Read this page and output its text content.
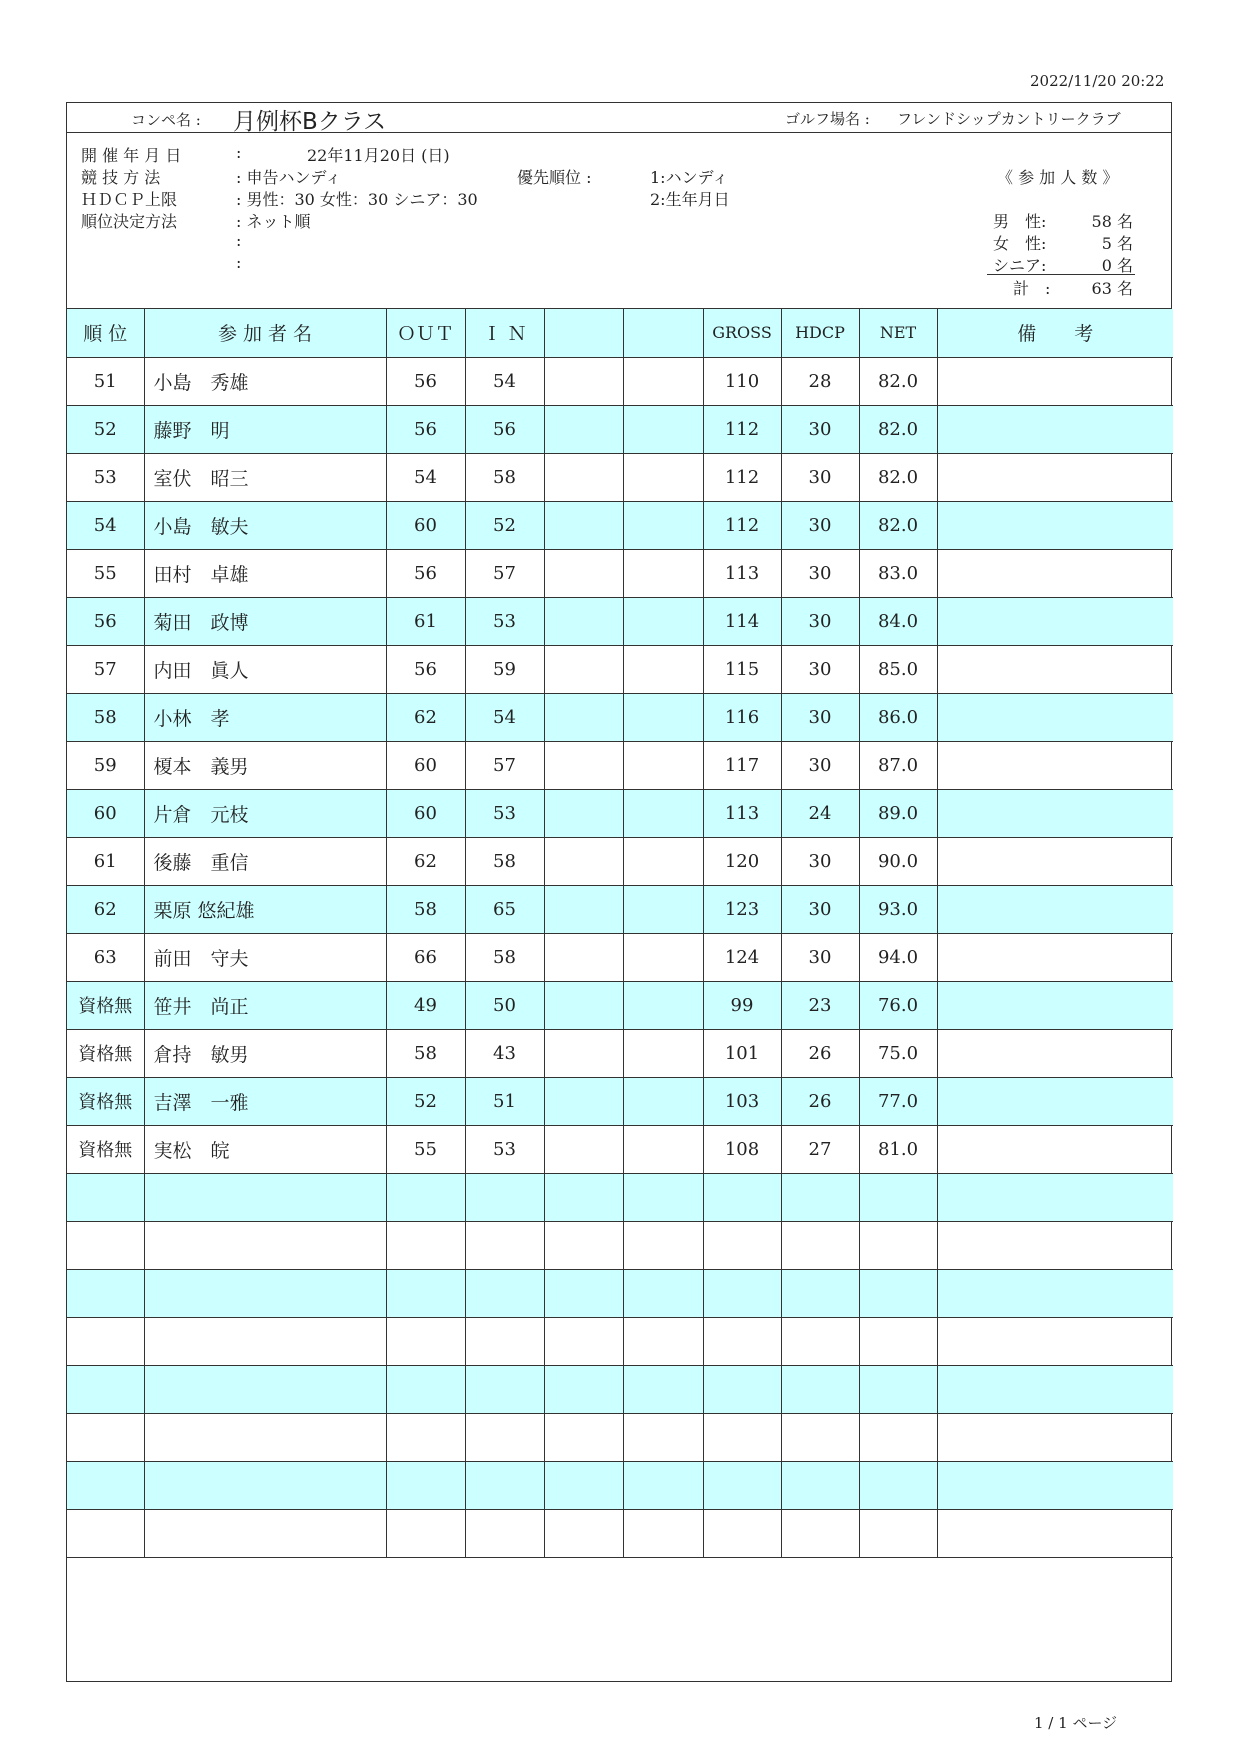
2022/11/20 20:22
コンペ名 : 月例杯Bクラス	ゴルフ場名 : フレンドシップカントリークラブ
開 催 年 月 日	:	22年11月20日 (日)
競 技 方 法	: 申告ハンディ	優先順位 :	1:ハンディ
ＨＤＣＰ上限	: 男性：30 女性：30 シニア：30	2:生年月日
順位決定方法	: ネット順
:
:
《 参 加 人 数 》
男　性:	58 名
女　性:	5 名
シニア:	0 名
計　:	63 名
順 位	参 加 者 名	ＯＵＴ	Ｉ Ｎ			GROSS	HDCP	NET	備　　考
51	小島　秀雄	56	54			110	28	82.0	
52	藤野　明	56	56			112	30	82.0	
53	室伏　昭三	54	58			112	30	82.0	
54	小島　敏夫	60	52			112	30	82.0	
55	田村　卓雄	56	57			113	30	83.0	
56	菊田　政博	61	53			114	30	84.0	
57	内田　眞人	56	59			115	30	85.0	
58	小林　孝	62	54			116	30	86.0	
59	榎本　義男	60	57			117	30	87.0	
60	片倉　元枝	60	53			113	24	89.0	
61	後藤　重信	62	58			120	30	90.0	
62	栗原 悠紀雄	58	65			123	30	93.0	
63	前田　守夫	66	58			124	30	94.0	
資格無	笹井　尚正	49	50			99	23	76.0	
資格無	倉持　敏男	58	43			101	26	75.0	
資格無	吉澤　一雅	52	51			103	26	77.0	
資格無	実松　皖	55	53			108	27	81.0	

1 / 1 ページ
